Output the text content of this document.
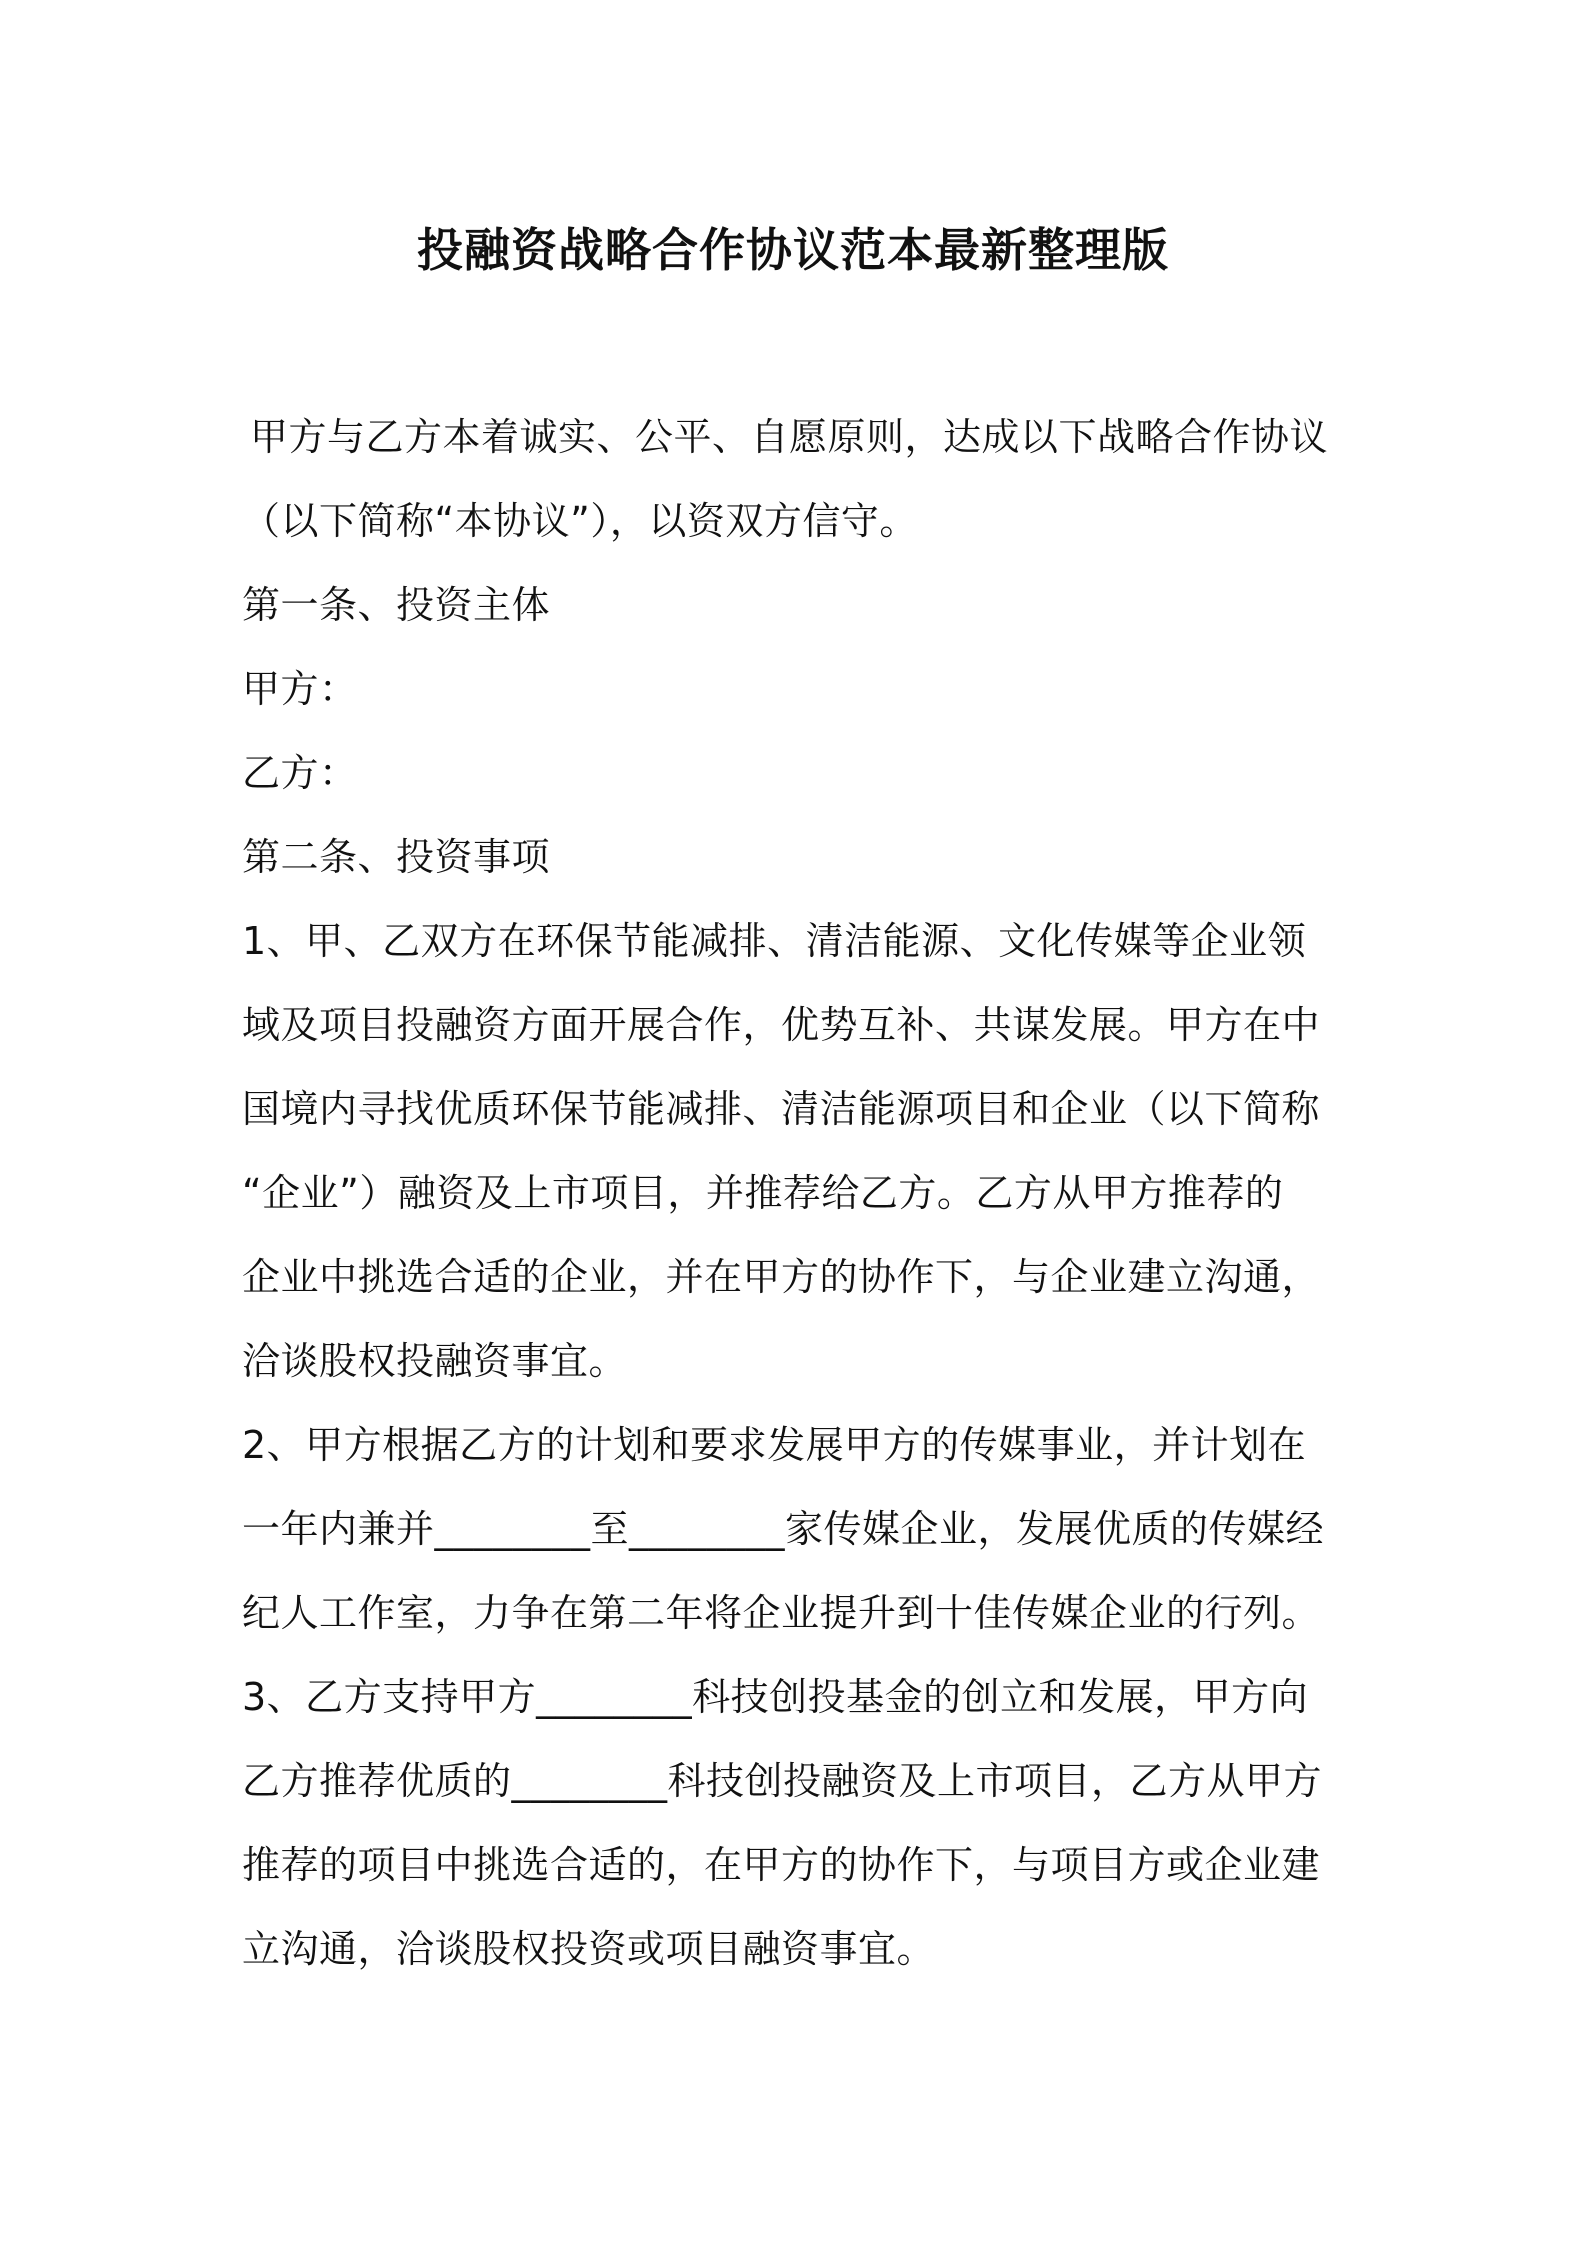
投融资战略合作协议范本最新整理版
甲方与乙方本着诚实、公平、自愿原则，达成以下战略合作协议
（以下简称“本协议”），以资双方信守。
第一条、投资主体
甲方：
乙方：
第二条、投资事项
1、甲、乙双方在环保节能减排、清洁能源、文化传媒等企业领
域及项目投融资方面开展合作，优势互补、共谋发展。甲方在中
国境内寻找优质环保节能减排、清洁能源项目和企业（以下简称
“企业”）融资及上市项目，并推荐给乙方。乙方从甲方推荐的
企业中挑选合适的企业，并在甲方的协作下，与企业建立沟通，
洽谈股权投融资事宜。
2、甲方根据乙方的计划和要求发展甲方的传媒事业，并计划在
一年内兼并________至________家传媒企业，发展优质的传媒经
纪人工作室，力争在第二年将企业提升到十佳传媒企业的行列。
3、乙方支持甲方________科技创投基金的创立和发展，甲方向
乙方推荐优质的________科技创投融资及上市项目，乙方从甲方
推荐的项目中挑选合适的，在甲方的协作下，与项目方或企业建
立沟通，洽谈股权投资或项目融资事宜。
